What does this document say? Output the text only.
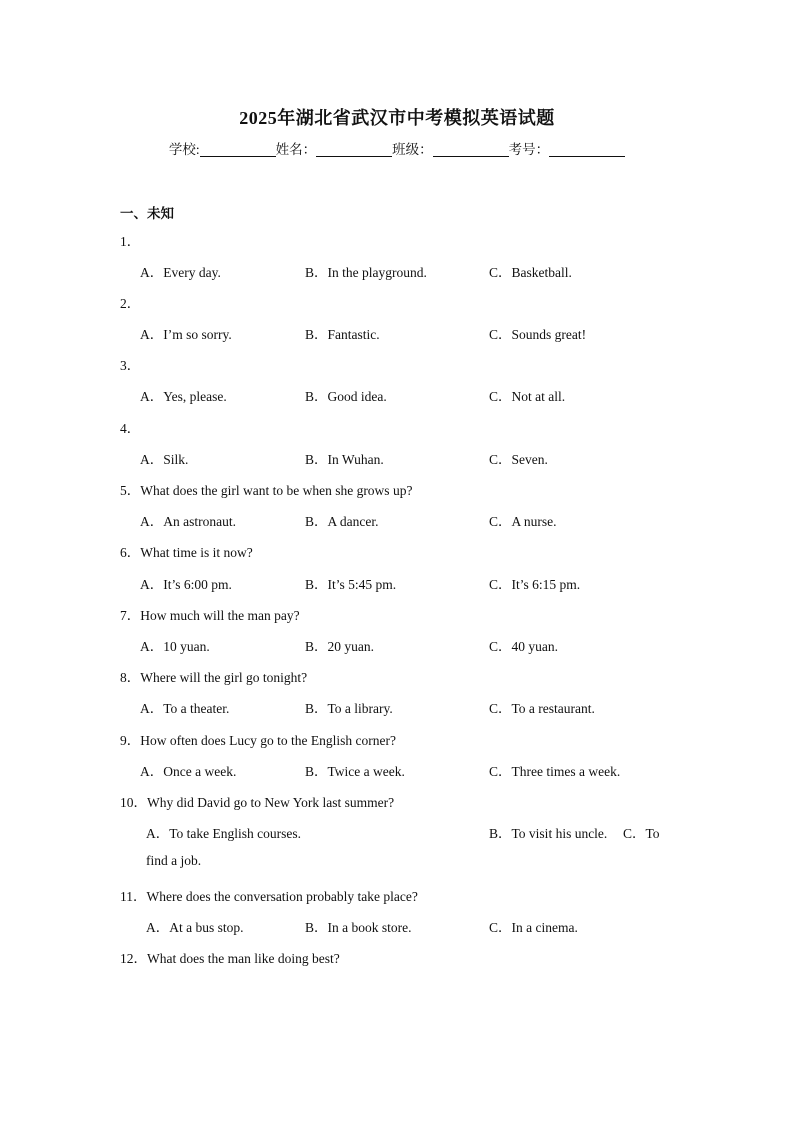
2025年湖北省武汉市中考模拟英语试题
学校:	姓名：	班级：	考号：
一、未知
1．
A．Every day.	B．In the playground.	C．Basketball.
2．
A．I’m so sorry.	B．Fantastic.	C．Sounds great!
3．
A．Yes, please.	B．Good idea.	C．Not at all.
4．
A．Silk.	B．In Wuhan.	C．Seven.
5．What does the girl want to be when she grows up?
A．An astronaut.	B．A dancer.	C．A nurse.
6．What time is it now?
A．It’s 6:00 pm.	B．It’s 5:45 pm.	C．It’s 6:15 pm.
7．How much will the man pay?
A．10 yuan.	B．20 yuan.	C．40 yuan.
8．Where will the girl go tonight?
A．To a theater.	B．To a library.	C．To a restaurant.
9．How often does Lucy go to the English corner?
A．Once a week.	B．Twice a week.	C．Three times a week.
10．Why did David go to New York last summer?
A．To take English courses.	B．To visit his uncle. C．To
find a job.
11．Where does the conversation probably take place?
A．At a bus stop.	B．In a book store.	C．In a cinema.
12．What does the man like doing best?
